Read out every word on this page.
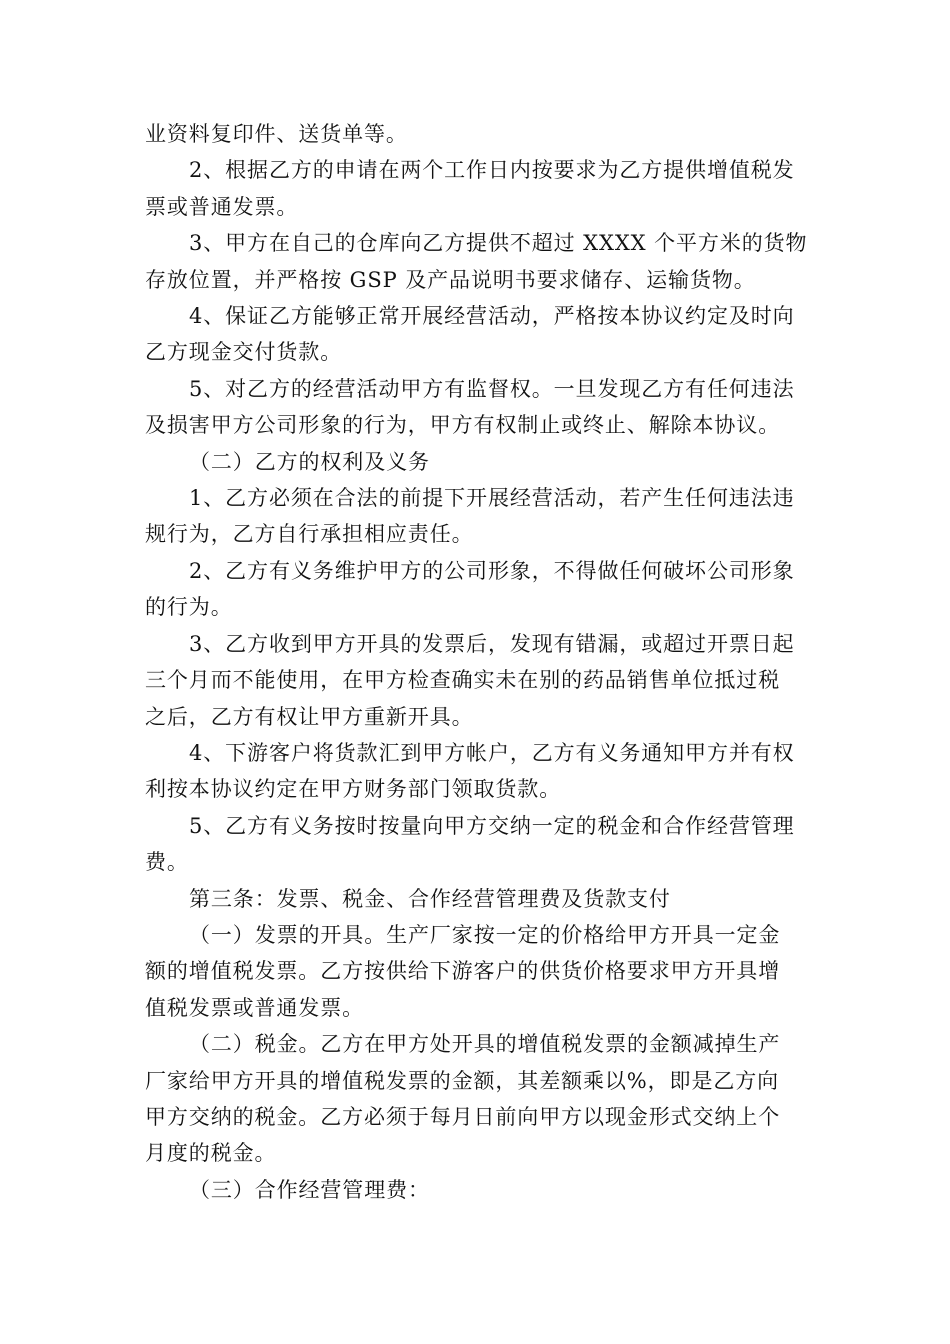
业资料复印件、送货单等。

2、根据乙方的申请在两个工作日内按要求为乙方提供增值税发
票或普通发票。

3、甲方在自己的仓库向乙方提供不超过 XXXX 个平方米的货物
存放位置，并严格按 GSP 及产品说明书要求储存、运输货物。

4、保证乙方能够正常开展经营活动，严格按本协议约定及时向
乙方现金交付货款。

5、对乙方的经营活动甲方有监督权。一旦发现乙方有任何违法
及损害甲方公司形象的行为，甲方有权制止或终止、解除本协议。

（二）乙方的权利及义务

1、乙方必须在合法的前提下开展经营活动，若产生任何违法违
规行为，乙方自行承担相应责任。

2、乙方有义务维护甲方的公司形象，不得做任何破坏公司形象
的行为。

3、乙方收到甲方开具的发票后，发现有错漏，或超过开票日起
三个月而不能使用，在甲方检查确实未在别的药品销售单位抵过税
之后，乙方有权让甲方重新开具。

4、下游客户将货款汇到甲方帐户，乙方有义务通知甲方并有权
利按本协议约定在甲方财务部门领取货款。

5、乙方有义务按时按量向甲方交纳一定的税金和合作经营管理
费。

第三条：发票、税金、合作经营管理费及货款支付

（一）发票的开具。生产厂家按一定的价格给甲方开具一定金
额的增值税发票。乙方按供给下游客户的供货价格要求甲方开具增
值税发票或普通发票。

（二）税金。乙方在甲方处开具的增值税发票的金额减掉生产
厂家给甲方开具的增值税发票的金额，其差额乘以%，即是乙方向
甲方交纳的税金。乙方必须于每月日前向甲方以现金形式交纳上个
月度的税金。

（三）合作经营管理费：
